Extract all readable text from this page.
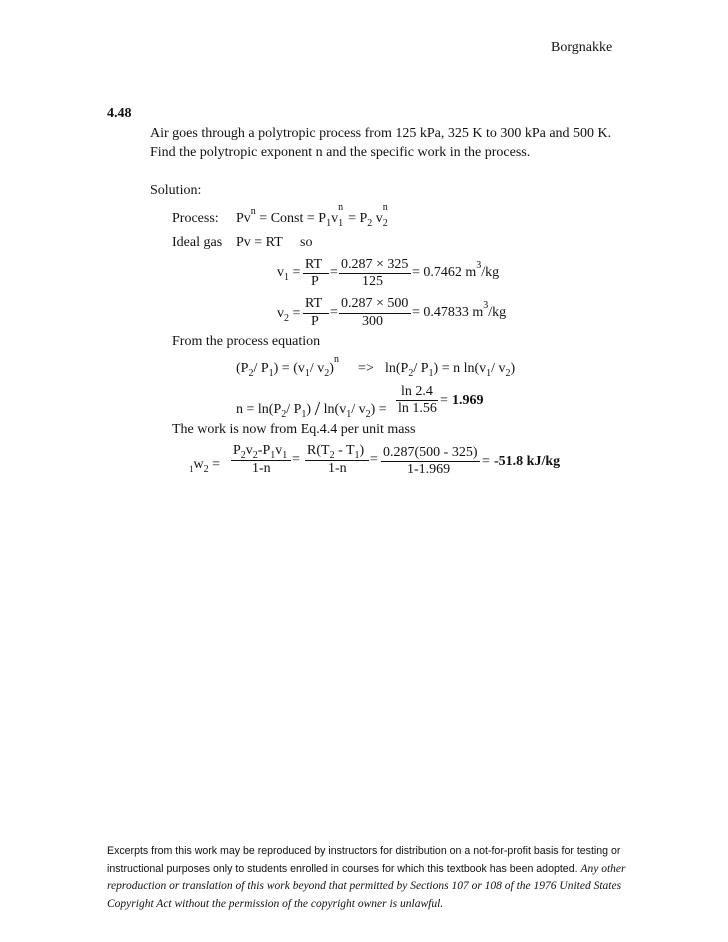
Borgnakke
4.48
Air goes through a polytropic process from 125 kPa, 325 K to 300 kPa and 500 K.
Find the polytropic exponent n and the specific work in the process.
Solution:
Process: $Pv^n$ = Const = $P_1v_1^n= P_2$ $v_2^n$
Ideal gas Pv = RT so
$v_1$ =
RT
P
=
0.287 × 325
125
= 0.7462 $m^3/kg$
$v_2$ =
RT
P
=
0.287 × 500
300
= 0.47833 $m^3/kg$
From the process equation
($P_2/$ $P_1) = (v_1/$ $v_2)^n$
=> $\ln(P_2/$ $P_1) = n$ $\ln(v_1/$ $v_2$)
$n = \ln(P_2/$ $P_1) / \ln(v_1/$ $v_2$) =
ln 2.4
ln 1.56
= 1.969
The work is now from Eq.4.4 per unit mass
$_1w_2$ =
$P_2v_2-P_1v_1$
1-n
=
$R(T_2 - T_1)$
1-n
= 0.287(500 - 325)
1-1.969
= -51.8 kJ/kg
Excerpts from this work may be reproduced by instructors for distribution on a not-for-profit basis for testing or instructional purposes only to students enrolled in courses for which this textbook has been adopted. Any other reproduction or translation of this work beyond that permitted by Sections 107 or 108 of the 1976 United States Copyright Act without the permission of the copyright owner is unlawful.
